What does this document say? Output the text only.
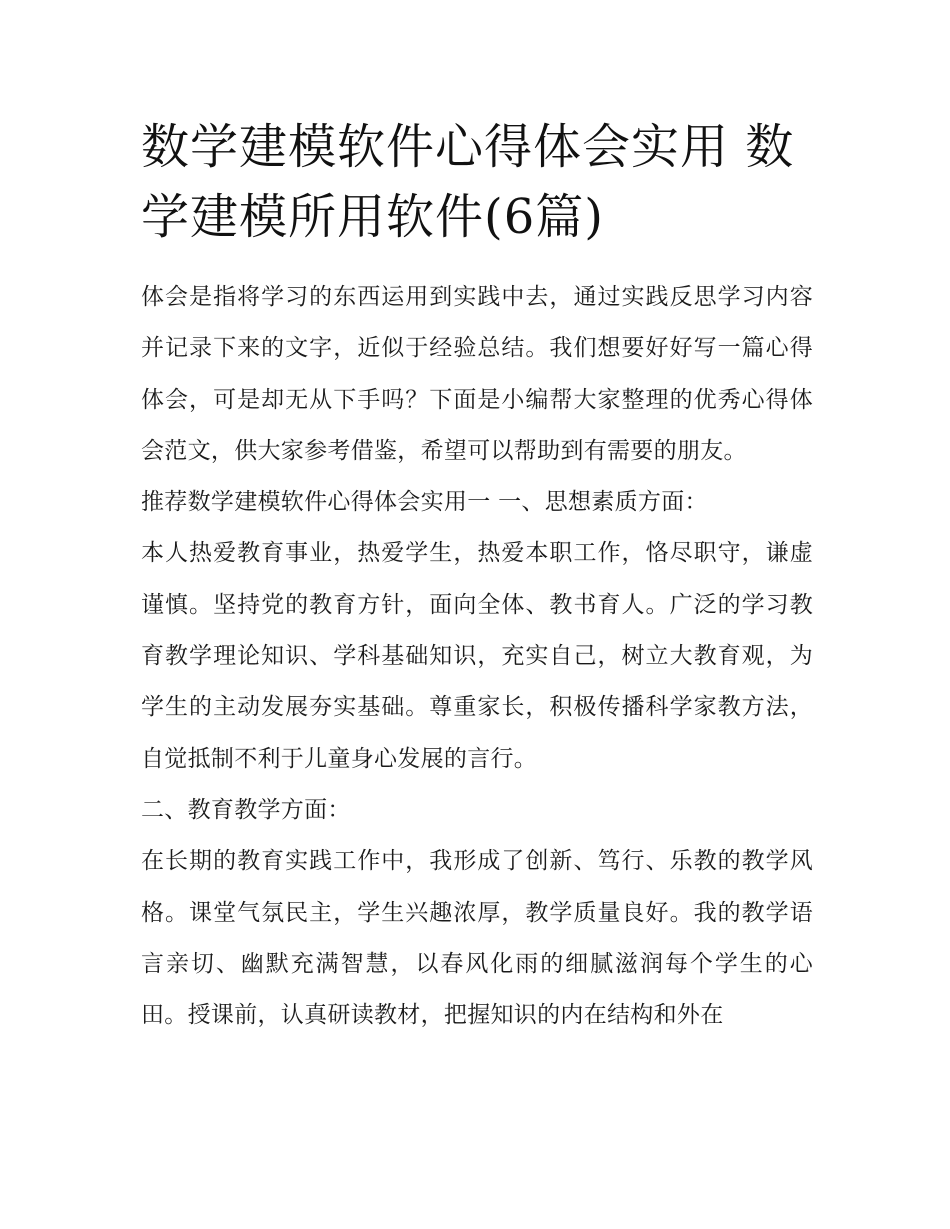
数学建模软件心得体会实用 数学建模所用软件(6篇)

体会是指将学习的东西运用到实践中去，通过实践反思学习内容并记录下来的文字，近似于经验总结。我们想要好好写一篇心得体会，可是却无从下手吗？下面是小编帮大家整理的优秀心得体会范文，供大家参考借鉴，希望可以帮助到有需要的朋友。

推荐数学建模软件心得体会实用一 一、思想素质方面：

本人热爱教育事业，热爱学生，热爱本职工作，恪尽职守，谦虚谨慎。坚持党的教育方针，面向全体、教书育人。广泛的学习教育教学理论知识、学科基础知识，充实自己，树立大教育观，为学生的主动发展夯实基础。尊重家长，积极传播科学家教方法，自觉抵制不利于儿童身心发展的言行。

二、教育教学方面：

在长期的教育实践工作中，我形成了创新、笃行、乐教的教学风格。课堂气氛民主，学生兴趣浓厚，教学质量良好。我的教学语言亲切、幽默充满智慧，以春风化雨的细腻滋润每个学生的心田。授课前，认真研读教材，把握知识的内在结构和外在
